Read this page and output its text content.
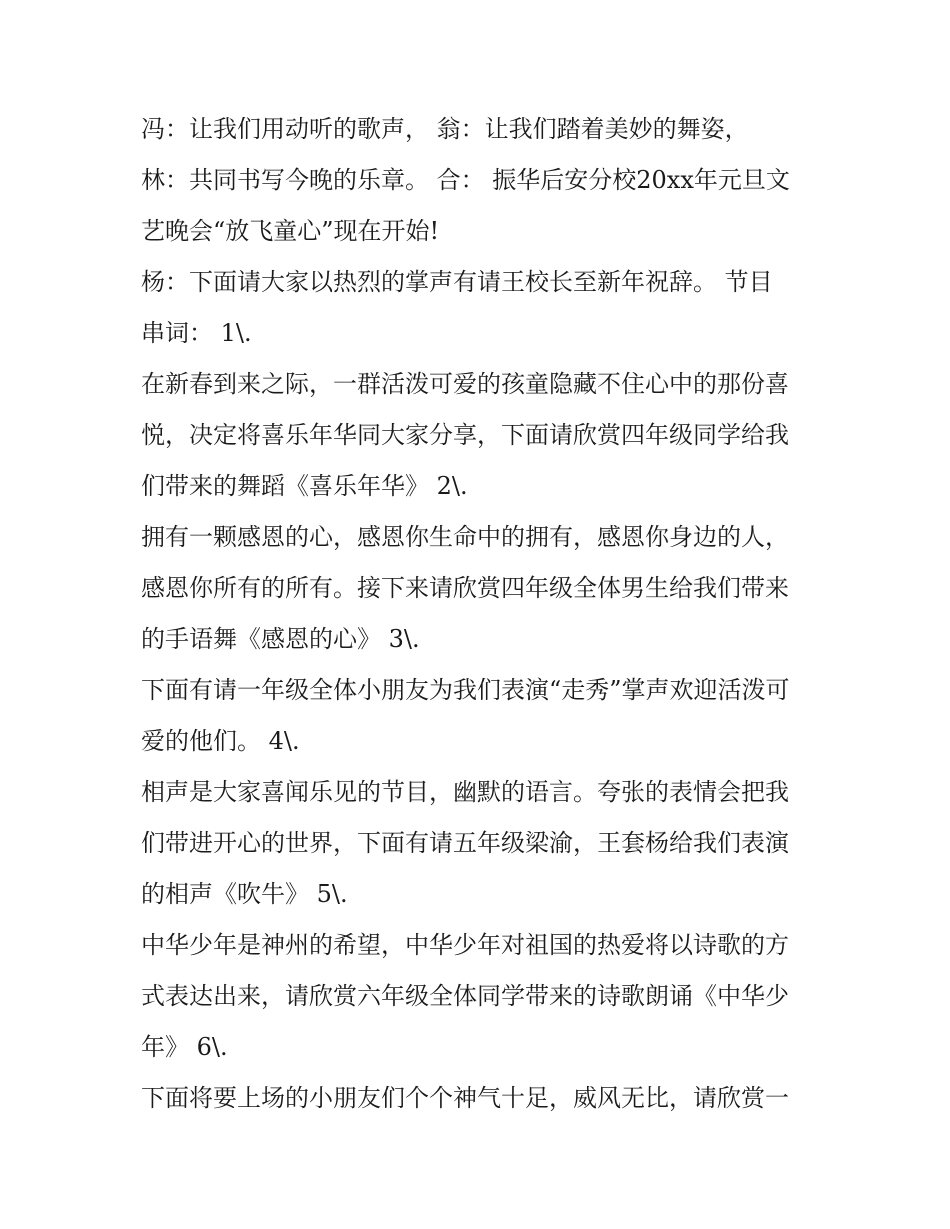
冯：让我们用动听的歌声， 翁：让我们踏着美妙的舞姿，
林：共同书写今晚的乐章。 合： 振华后安分校20xx年元旦文
艺晚会“放飞童心”现在开始!
杨：下面请大家以热烈的掌声有请王校长至新年祝辞。 节目
串词： 1\.
在新春到来之际，一群活泼可爱的孩童隐藏不住心中的那份喜
悦，决定将喜乐年华同大家分享，下面请欣赏四年级同学给我
们带来的舞蹈《喜乐年华》 2\.
拥有一颗感恩的心，感恩你生命中的拥有，感恩你身边的人，
感恩你所有的所有。接下来请欣赏四年级全体男生给我们带来
的手语舞《感恩的心》 3\.
下面有请一年级全体小朋友为我们表演“走秀”掌声欢迎活泼可
爱的他们。 4\.
相声是大家喜闻乐见的节目，幽默的语言。夸张的表情会把我
们带进开心的世界，下面有请五年级梁渝，王套杨给我们表演
的相声《吹牛》 5\.
中华少年是神州的希望，中华少年对祖国的热爱将以诗歌的方
式表达出来，请欣赏六年级全体同学带来的诗歌朗诵《中华少
年》 6\.
下面将要上场的小朋友们个个神气十足，威风无比，请欣赏一
